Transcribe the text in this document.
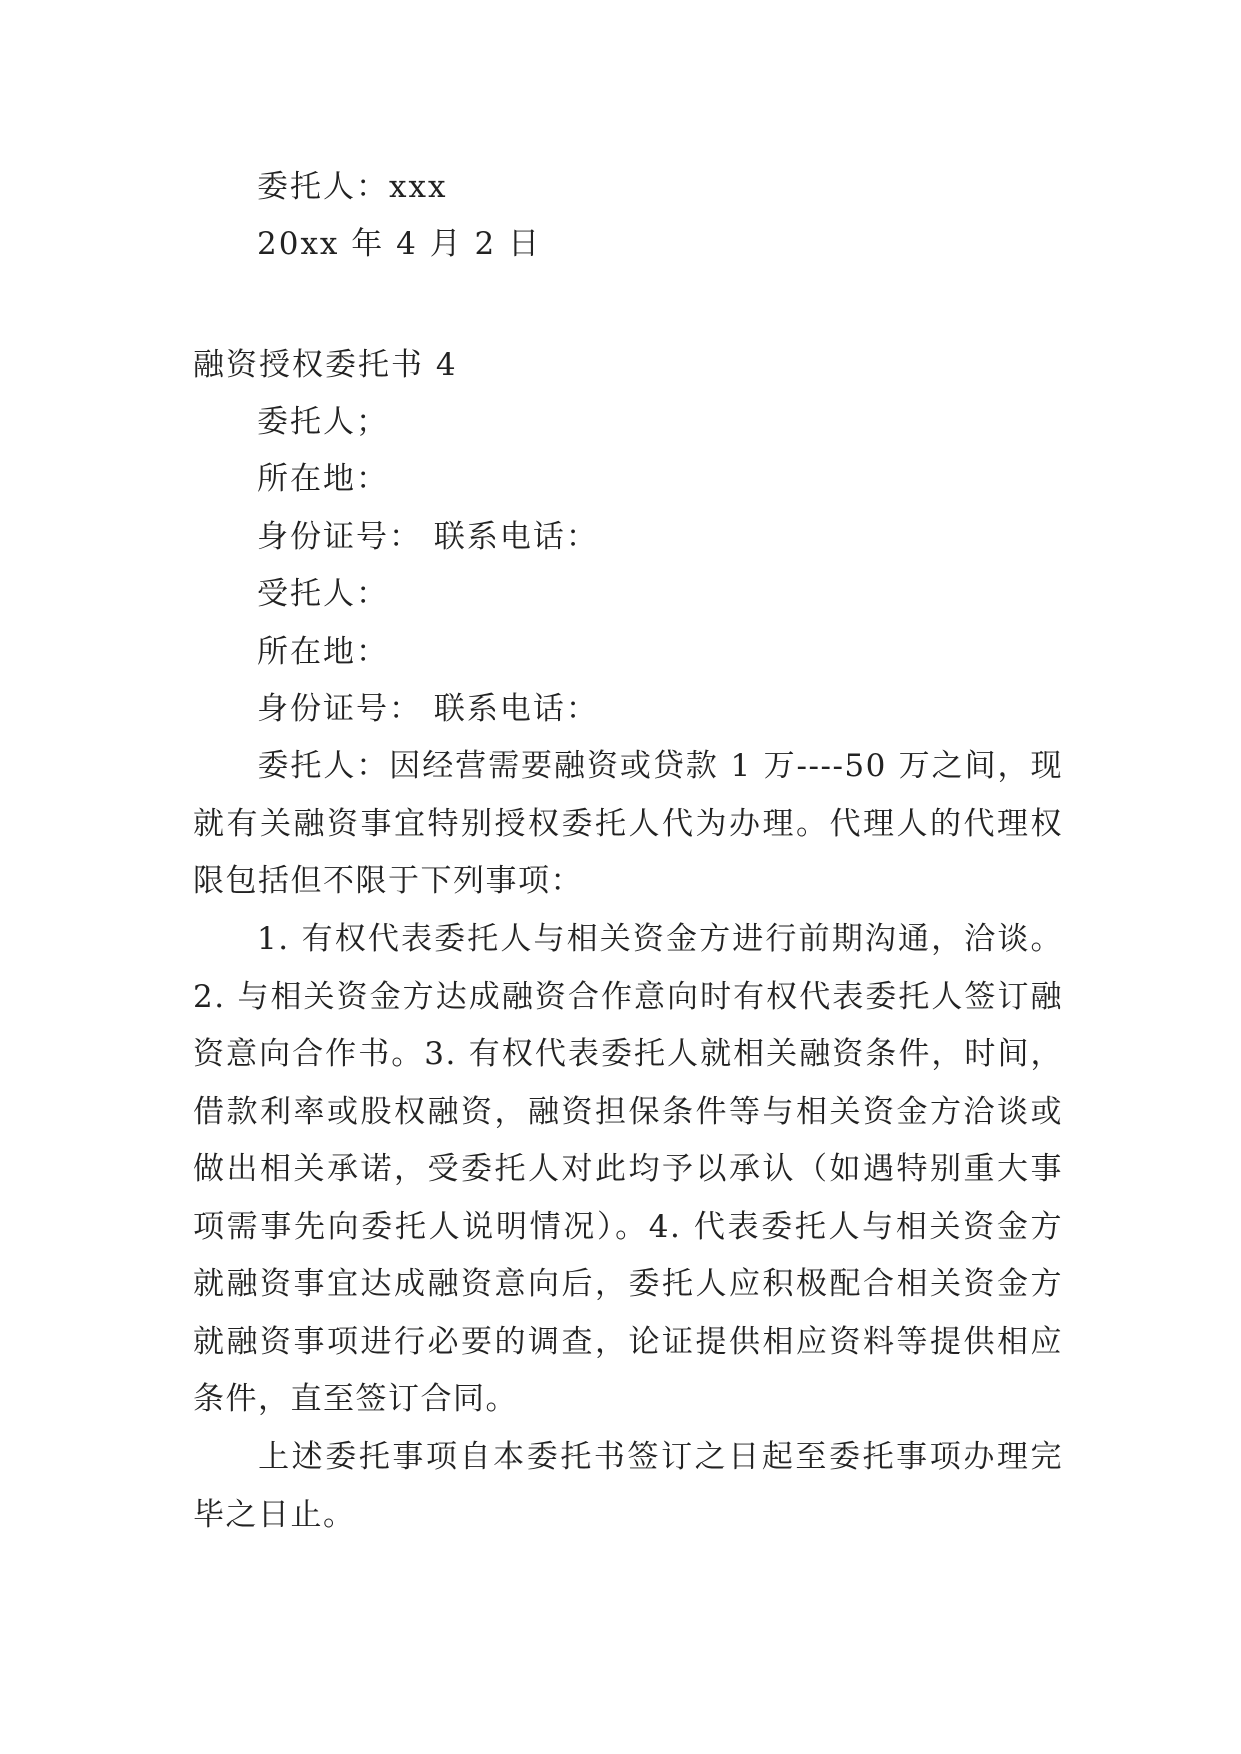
委托人：xxx
20xx 年 4 月 2 日
融资授权委托书 4
委托人；
所在地：
身份证号： 联系电话：
受托人：
所在地：
身份证号： 联系电话：
委托人：因经营需要融资或贷款 1 万----50 万之间，现就有关融资事宜特别授权委托人代为办理。代理人的代理权限包括但不限于下列事项：
1. 有权代表委托人与相关资金方进行前期沟通，洽谈。2. 与相关资金方达成融资合作意向时有权代表委托人签订融资意向合作书。3. 有权代表委托人就相关融资条件，时间，借款利率或股权融资，融资担保条件等与相关资金方洽谈或做出相关承诺，受委托人对此均予以承认（如遇特别重大事项需事先向委托人说明情况）。4. 代表委托人与相关资金方就融资事宜达成融资意向后，委托人应积极配合相关资金方就融资事项进行必要的调查，论证提供相应资料等提供相应条件，直至签订合同。
上述委托事项自本委托书签订之日起至委托事项办理完毕之日止。
